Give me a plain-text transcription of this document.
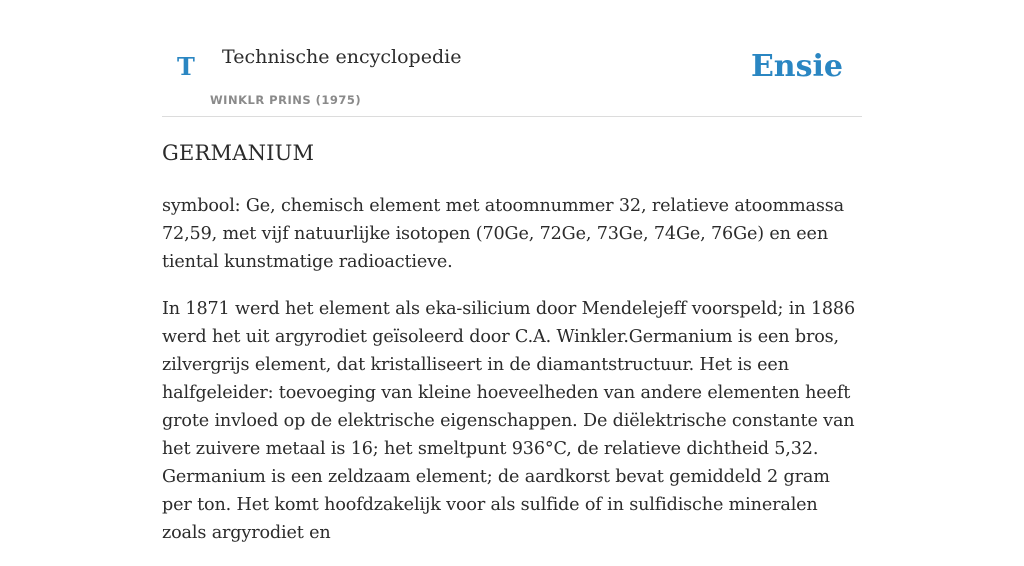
T Technische encyclopedie
WINKLR PRINS (1975)
Ensie
GERMANIUM

symbool: Ge, chemisch element met atoomnummer 32, relatieve atoommassa 72,59, met vijf natuurlijke isotopen (70Ge, 72Ge, 73Ge, 74Ge, 76Ge) en een tiental kunstmatige radioactieve.

In 1871 werd het element als eka-silicium door Mendelejeff voorspeld; in 1886 werd het uit argyrodiet geïsoleerd door C.A. Winkler.Germanium is een bros, zilvergrijs element, dat kristalliseert in de diamantstructuur. Het is een halfgeleider: toevoeging van kleine hoeveelheden van andere elementen heeft grote invloed op de elektrische eigenschappen. De diëlektrische constante van het zuivere metaal is 16; het smeltpunt 936°C, de relatieve dichtheid 5,32. Germanium is een zeldzaam element; de aardkorst bevat gemiddeld 2 gram per ton. Het komt hoofdzakelijk voor als sulfide of in sulfidische mineralen zoals argyrodiet en
